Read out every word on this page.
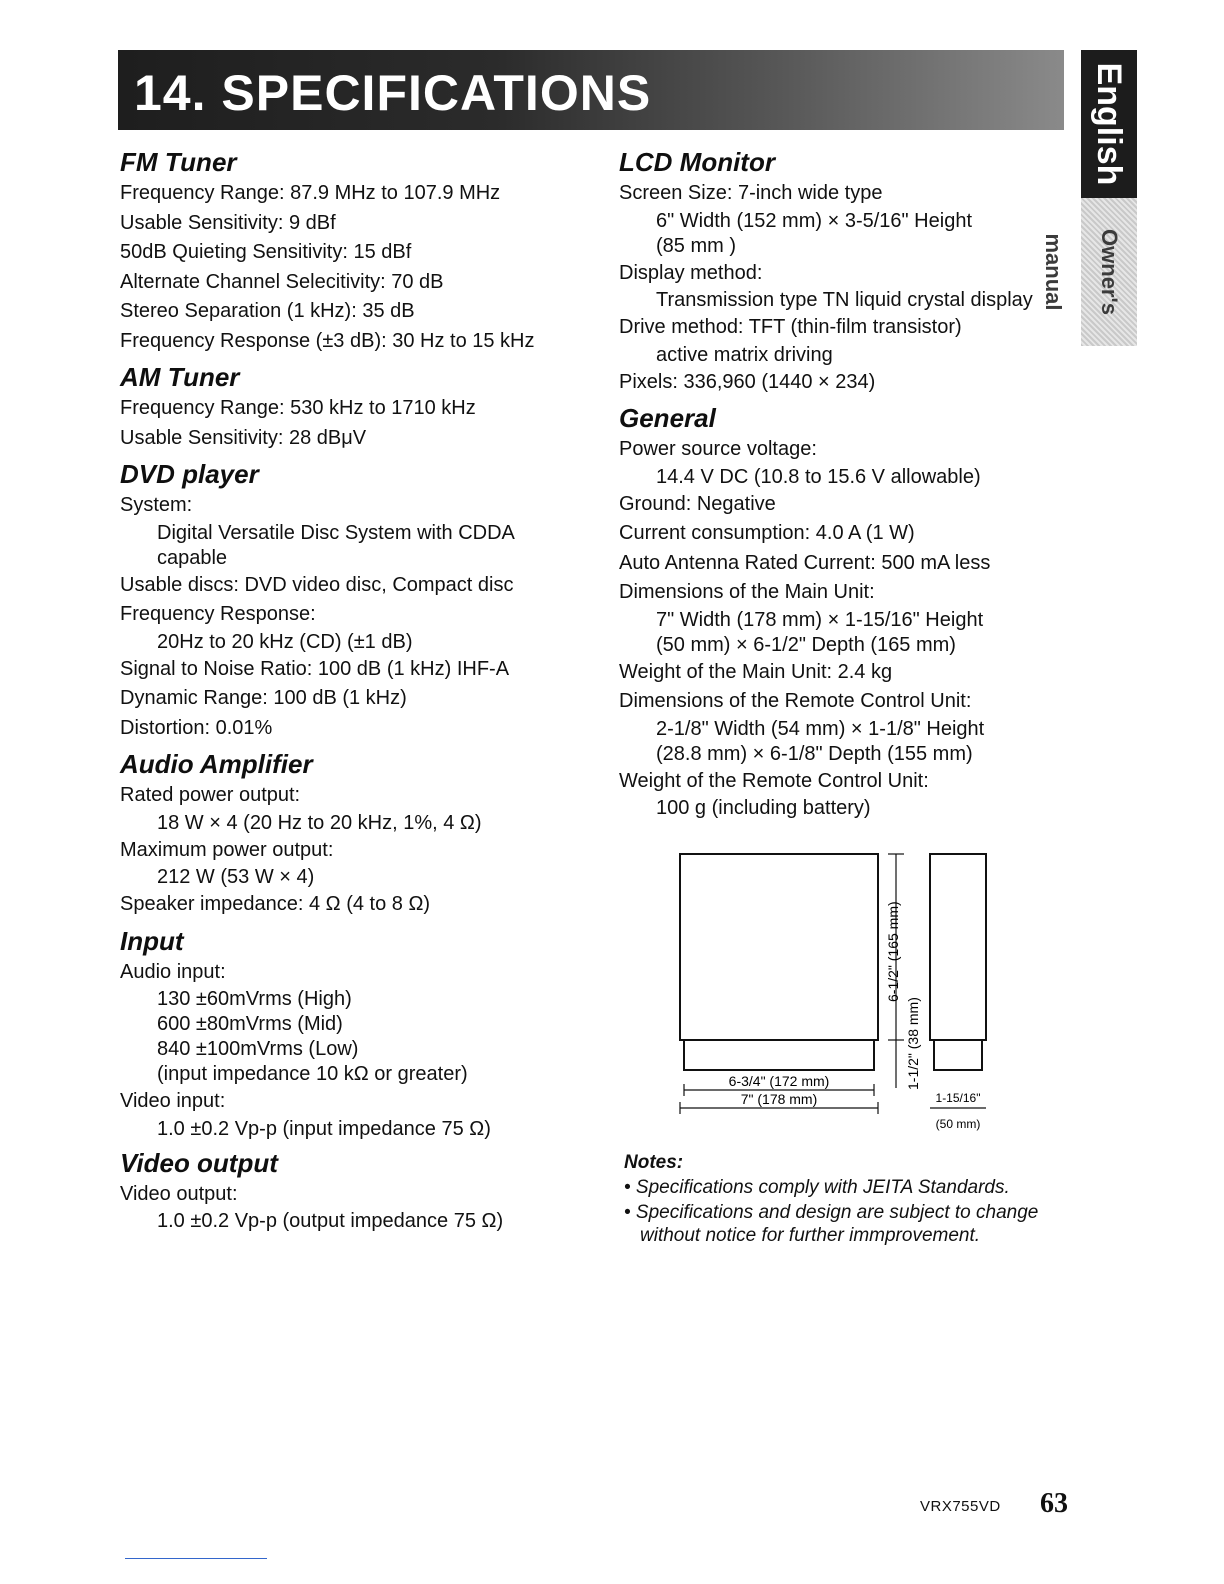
14. SPECIFICATIONS	English
Owner's manual

FM Tuner

Frequency Range: 87.9 MHz to 107.9 MHz

Usable Sensitivity: 9 dBf

50dB Quieting Sensitivity: 15 dBf

Alternate Channel Selecitivity: 70 dB

Stereo Separation (1 kHz): 35 dB

Frequency Response (±3 dB): 30 Hz to 15 kHz

AM Tuner

Frequency Range: 530 kHz to 1710 kHz

Usable Sensitivity: 28 dBμV

DVD player

System:

Digital Versatile Disc System with CDDA

capable

Usable discs: DVD video disc, Compact disc

Frequency Response:

20Hz to 20 kHz (CD) (±1 dB)

Signal to Noise Ratio: 100 dB (1 kHz) IHF-A

Dynamic Range: 100 dB (1 kHz)

Distortion: 0.01%

Audio Amplifier

Rated power output:

18 W × 4 (20 Hz to 20 kHz, 1%, 4 Ω)

Maximum power output:

212 W (53 W × 4)

Speaker impedance: 4 Ω (4 to 8 Ω)

Input

Audio input:

130 ±60mVrms (High)

600 ±80mVrms (Mid)

840 ±100mVrms (Low)

(input impedance 10 kΩ or greater)

Video input:

1.0 ±0.2 Vp-p (input impedance 75 Ω)

Video output

Video output:

1.0 ±0.2 Vp-p (output impedance 75 Ω)

LCD Monitor

Screen Size: 7-inch wide type

6" Width (152 mm) × 3-5/16" Height

(85 mm )

Display method:

Transmission type TN liquid crystal display

Drive method: TFT (thin-film transistor)

active matrix driving

Pixels: 336,960 (1440 × 234)

General

Power source voltage:

14.4 V DC (10.8 to 15.6 V allowable)

Ground: Negative

Current consumption: 4.0 A (1 W)

Auto Antenna Rated Current: 500 mA less

Dimensions of the Main Unit:

7" Width (178 mm) × 1-15/16" Height

(50 mm) × 6-1/2" Depth (165 mm)

Weight of the Main Unit: 2.4 kg

Dimensions of the Remote Control Unit:

2-1/8" Width (54 mm) × 1-1/8" Height

(28.8 mm) × 6-1/8" Depth (155 mm)

Weight of the Remote Control Unit:

100 g (including battery)

6-1/2" (165 mm)
1-1/2" (38 mm)
6-3/4" (172 mm)
7" (178 mm)	1-15/16"
(50 mm)

Notes:

• Specifications comply with JEITA Standards.

• Specifications and design are subject to change without notice for further immprovement.

VRX755VD 63
